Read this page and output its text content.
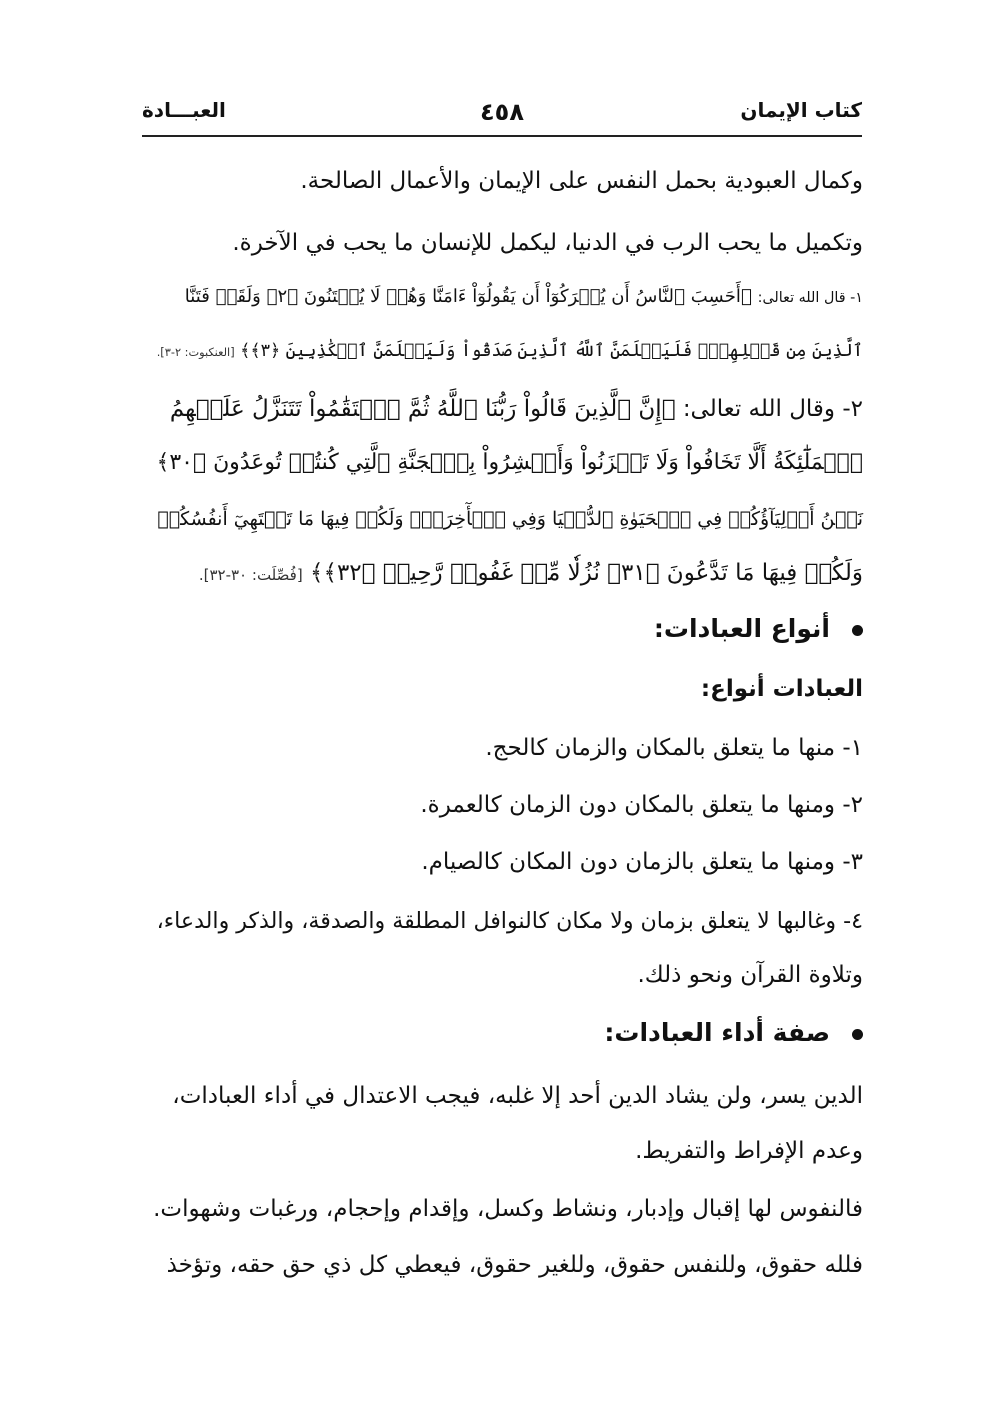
كتاب الإيمان
٤٥٨
العبـــادة
وكمال العبودية بحمل النفس على الإيمان والأعمال الصالحة.
وتكميل ما يحب الرب في الدنيا، ليكمل للإنسان ما يحب في الآخرة.
١- قال الله تعالى: ﴿أَحَسِبَ ٱلنَّاسُ أَن يُتۡرَكُوٓاْ أَن يَقُولُوٓاْ ءَامَنَّا وَهُمۡ لَا يُفۡتَنُونَ ﴿٢﴾ وَلَقَدۡ فَتَنَّا
ٱلَّذِينَ مِن قَبۡلِهِمۡۖ فَلَيَعۡلَمَنَّ ٱللَّهُ ٱلَّذِينَ صَدَقُواْ وَلَيَعۡلَمَنَّ ٱلۡكَٰذِبِينَ ﴿٣﴾﴾ [العنكبوت: ٢-٣].
٢- وقال الله تعالى: ﴿إِنَّ ٱلَّذِينَ قَالُواْ رَبُّنَا ٱللَّهُ ثُمَّ ٱسۡتَقَٰمُواْ تَتَنَزَّلُ عَلَيۡهِمُ
ٱلۡمَلَٰٓئِكَةُ أَلَّا تَخَافُواْ وَلَا تَحۡزَنُواْ وَأَبۡشِرُواْ بِٱلۡجَنَّةِ ٱلَّتِي كُنتُمۡ تُوعَدُونَ ﴿٣٠﴾
نَحۡنُ أَوۡلِيَآؤُكُمۡ فِي ٱلۡحَيَوٰةِ ٱلدُّنۡيَا وَفِي ٱلۡأٓخِرَةِۖ وَلَكُمۡ فِيهَا مَا تَشۡتَهِيٓ أَنفُسُكُمۡ
وَلَكُمۡ فِيهَا مَا تَدَّعُونَ ﴿٣١﴾ نُزُلٗا مِّنۡ غَفُورٖ رَّحِيمٖ ﴿٣٢﴾﴾ [فُصِّلَت: ٣٠-٣٢].
أنواع العبادات:
العبادات أنواع:
١- منها ما يتعلق بالمكان والزمان كالحج.
٢- ومنها ما يتعلق بالمكان دون الزمان كالعمرة.
٣- ومنها ما يتعلق بالزمان دون المكان كالصيام.
٤- وغالبها لا يتعلق بزمان ولا مكان كالنوافل المطلقة والصدقة، والذكر والدعاء،
وتلاوة القرآن ونحو ذلك.
صفة أداء العبادات:
الدين يسر، ولن يشاد الدين أحد إلا غلبه، فيجب الاعتدال في أداء العبادات،
وعدم الإفراط والتفريط.
فالنفوس لها إقبال وإدبار، ونشاط وكسل، وإقدام وإحجام، ورغبات وشهوات.
فلله حقوق، وللنفس حقوق، وللغير حقوق، فيعطي كل ذي حق حقه، وتؤخذ
